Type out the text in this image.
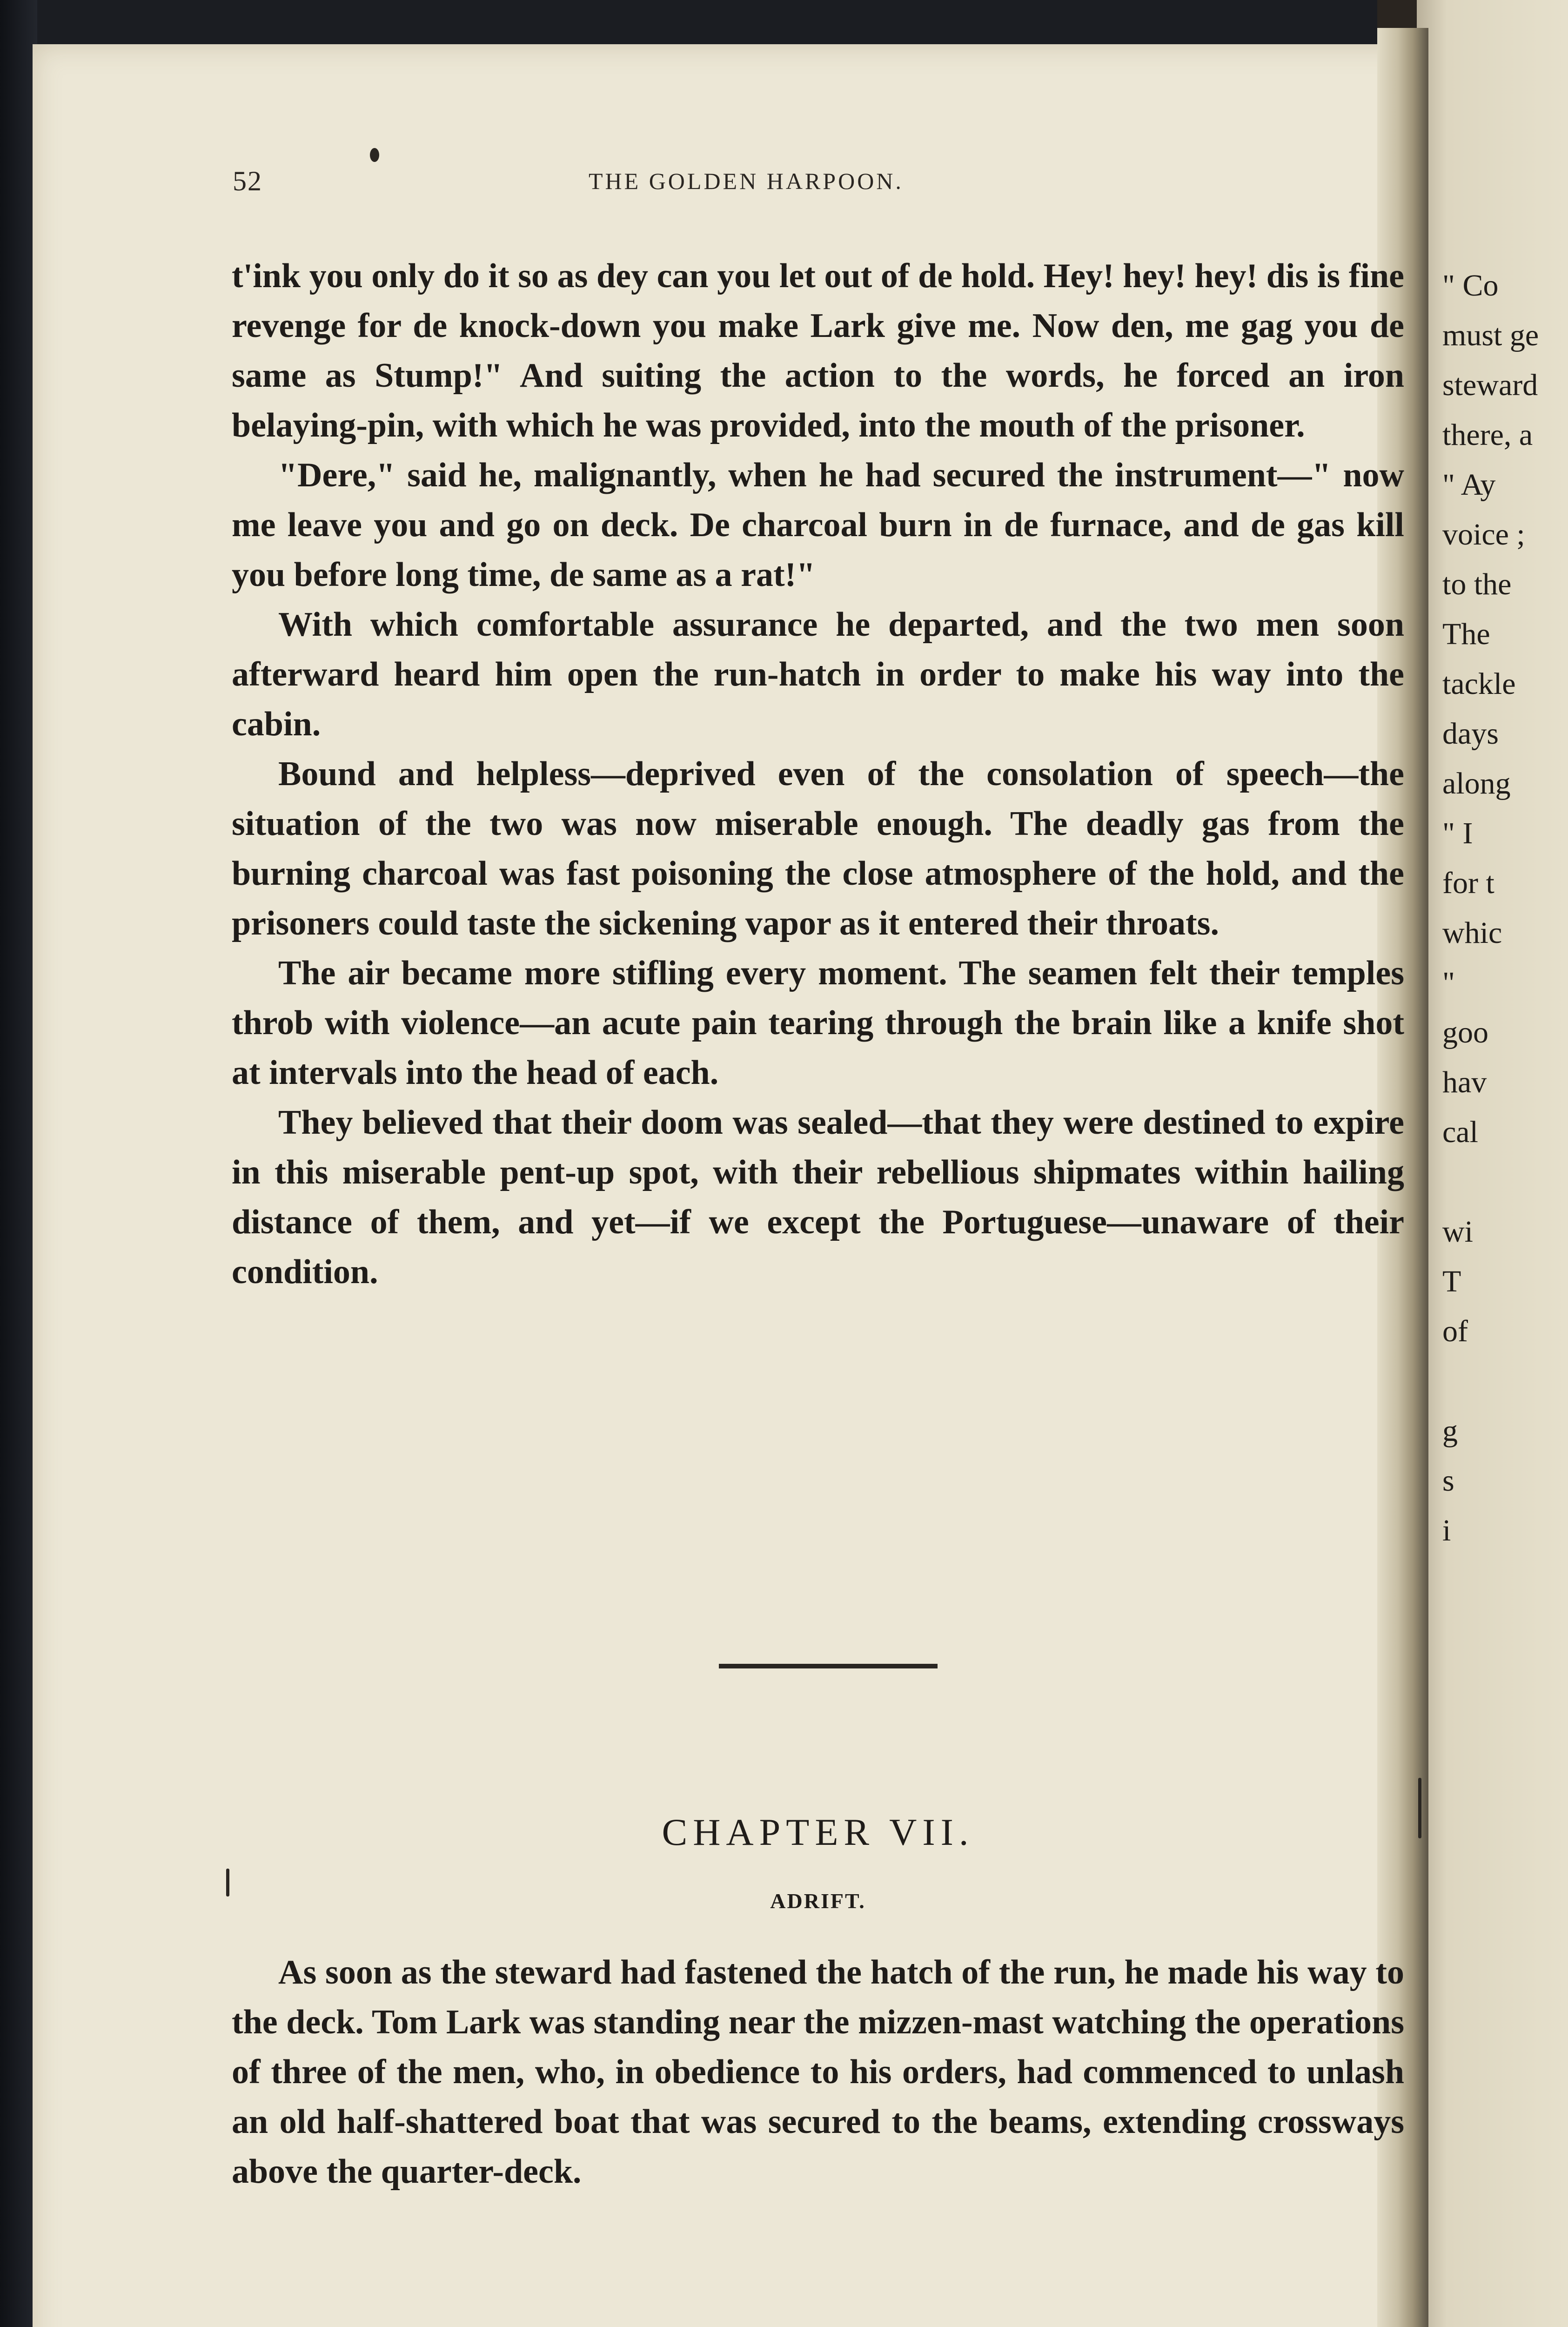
" Co
must ge
steward
there, a
" Ay
voice ;
to the
The
tackle
days
along
" I
for t
whic
"
goo
hav
cal
wi
T
of
g
s
i
52	THE GOLDEN HARPOON.

t'ink you only do it so as dey can you let out of de hold. Hey! hey! hey! dis is fine revenge for de knock-down you make Lark give me. Now den, me gag you de same as Stump!" And suiting the action to the words, he forced an iron belaying-pin, with which he was provided, into the mouth of the prisoner.

"Dere," said he, malignantly, when he had secured the instrument—" now me leave you and go on deck. De charcoal burn in de furnace, and de gas kill you before long time, de same as a rat!"

With which comfortable assurance he departed, and the two men soon afterward heard him open the run-hatch in order to make his way into the cabin.

Bound and helpless—deprived even of the consolation of speech—the situation of the two was now miserable enough. The deadly gas from the burning charcoal was fast poisoning the close atmosphere of the hold, and the prisoners could taste the sickening vapor as it entered their throats.

The air became more stifling every moment. The seamen felt their temples throb with violence—an acute pain tearing through the brain like a knife shot at intervals into the head of each.

They believed that their doom was sealed—that they were destined to expire in this miserable pent-up spot, with their rebellious shipmates within hailing distance of them, and yet—if we except the Portuguese—unaware of their condition.

CHAPTER VII.
ADRIFT.

As soon as the steward had fastened the hatch of the run, he made his way to the deck. Tom Lark was standing near the mizzen-mast watching the operations of three of the men, who, in obedience to his orders, had commenced to unlash an old half-shattered boat that was secured to the beams, extending crossways above the quarter-deck.
